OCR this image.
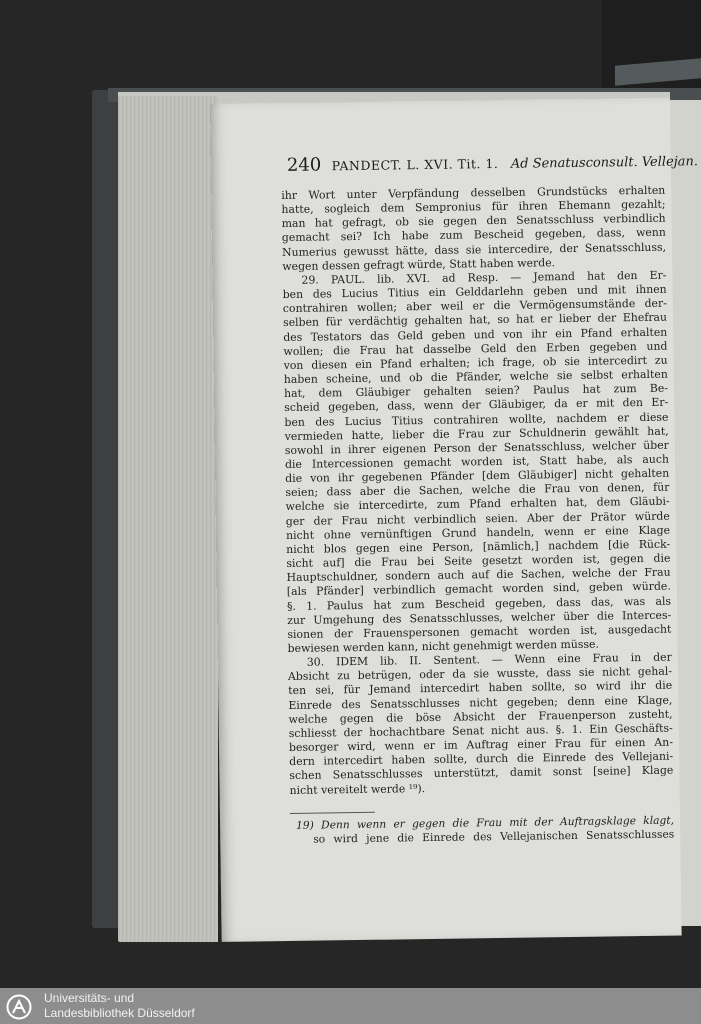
240 PANDECT. L. XVI. Tit. 1. Ad Senatusconsult. Vellejan.
ihr Wort unter Verpfändung desselben Grundstücks erhalten
hatte, sogleich dem Sempronius für ihren Ehemann gezahlt;
man hat gefragt, ob sie gegen den Senatsschluss verbindlich
gemacht sei? Ich habe zum Bescheid gegeben, dass, wenn
Numerius gewusst hätte, dass sie intercedire, der Senatsschluss,
wegen dessen gefragt würde, Statt haben werde.
29. PAUL. lib. XVI. ad Resp. — Jemand hat den Er-
ben des Lucius Titius ein Gelddarlehn geben und mit ihnen
contrahiren wollen; aber weil er die Vermögensumstände der-
selben für verdächtig gehalten hat, so hat er lieber der Ehefrau
des Testators das Geld geben und von ihr ein Pfand erhalten
wollen; die Frau hat dasselbe Geld den Erben gegeben und
von diesen ein Pfand erhalten; ich frage, ob sie intercedirt zu
haben scheine, und ob die Pfänder, welche sie selbst erhalten
hat, dem Gläubiger gehalten seien? Paulus hat zum Be-
scheid gegeben, dass, wenn der Gläubiger, da er mit den Er-
ben des Lucius Titius contrahiren wollte, nachdem er diese
vermieden hatte, lieber die Frau zur Schuldnerin gewählt hat,
sowohl in ihrer eigenen Person der Senatsschluss, welcher über
die Intercessionen gemacht worden ist, Statt habe, als auch
die von ihr gegebenen Pfänder [dem Gläubiger] nicht gehalten
seien; dass aber die Sachen, welche die Frau von denen, für
welche sie intercedirte, zum Pfand erhalten hat, dem Gläubi-
ger der Frau nicht verbindlich seien. Aber der Prätor würde
nicht ohne vernünftigen Grund handeln, wenn er eine Klage
nicht blos gegen eine Person, [nämlich,] nachdem [die Rück-
sicht auf] die Frau bei Seite gesetzt worden ist, gegen die
Hauptschuldner, sondern auch auf die Sachen, welche der Frau
[als Pfänder] verbindlich gemacht worden sind, geben würde.
§. 1. Paulus hat zum Bescheid gegeben, dass das, was als
zur Umgehung des Senatsschlusses, welcher über die Interces-
sionen der Frauenspersonen gemacht worden ist, ausgedacht
bewiesen werden kann, nicht genehmigt werden müsse.
30. IDEM lib. II. Sentent. — Wenn eine Frau in der
Absicht zu betrügen, oder da sie wusste, dass sie nicht gehal-
ten sei, für Jemand intercedirt haben sollte, so wird ihr die
Einrede des Senatsschlusses nicht gegeben; denn eine Klage,
welche gegen die böse Absicht der Frauenperson zusteht,
schliesst der hochachtbare Senat nicht aus. §. 1. Ein Geschäfts-
besorger wird, wenn er im Auftrag einer Frau für einen An-
dern intercedirt haben sollte, durch die Einrede des Vellejani-
schen Senatsschlusses unterstützt, damit sonst [seine] Klage
nicht vereitelt werde ¹⁹).
19) Denn wenn er gegen die Frau mit der Auftragsklage klagt,
so wird jene die Einrede des Vellejanischen Senatsschlusses
Universitäts- und
Landesbibliothek Düsseldorf
